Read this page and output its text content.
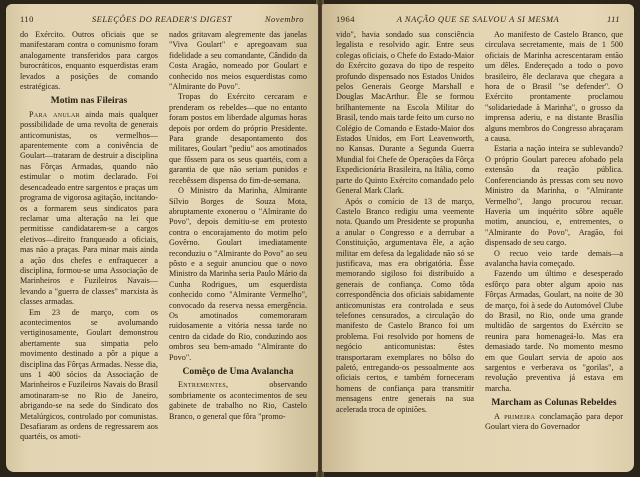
110	SELEÇÕES DO READER'S DIGEST	Novembro

do Exército. Outros oficiais que se manifestaram contra o comunismo foram analogamente transferidos para cargos burocráticos, enquanto esquerdistas eram levados a posições de comando estratégicas.

Motim nas Fileiras

Para anular ainda mais qualquer possibilidade de uma revolta de generais anticomunistas, os vermelhos—aparentemente com a conivência de Goulart—trataram de destruir a disciplina nas Fôrças Armadas, quando não estimular o motim declarado. Foi desencadeado entre sargentos e praças um programa de vigorosa agitação, incitando-os a formarem seus sindicatos para reclamar uma alteração na lei que permitisse candidatarem-se a cargos eletivos—direito franqueado a oficiais, mas não a praças. Para minar mais ainda a ação dos chefes e enfraquecer a disciplina, formou-se uma Associação de Marinheiros e Fuzileiros Navais—levando a "guerra de classes" marxista às classes armadas.

Em 23 de março, com os acontecimentos se avolumando vertiginosamente, Goulart demonstrou abertamente sua simpatia pelo movimento destinado a pôr a pique a disciplina das Fôrças Armadas. Nesse dia, uns 1 400 sócios da Associação de Marinheiros e Fuzileiros Navais do Brasil amotinaram-se no Rio de Janeiro, abrigando-se na sede do Sindicato dos Metalúrgicos, controlado por comunistas. Desafiaram as ordens de regressarem aos quartéis, os amoti-

nados gritavam alegremente das janelas "Viva Goulart" e apregoavam sua fidelidade a seu comandante, Cândido da Costa Aragão, nomeado por Goulart e conhecido nos meios esquerdistas como "Almirante do Povo".

Tropas do Exército cercaram e prenderam os rebeldes—que no entanto foram postos em liberdade algumas horas depois por ordem do próprio Presidente. Para grande desapontamento dos militares, Goulart "pediu" aos amotinados que fôssem para os seus quartéis, com a garantia de que não seriam punidos e recebêssem dispensa do fim-de-semana.

O Ministro da Marinha, Almirante Sílvio Borges de Souza Mota, abruptamente exonerou o "Almirante do Povo", depois demitiu-se em protesto contra o encorajamento do motim pelo Govêrno. Goulart imediatamente reconduziu o "Almirante do Povo" ao seu pôsto e a seguir anunciou que o novo Ministro da Marinha seria Paulo Mário da Cunha Rodrigues, um esquerdista conhecido como "Almirante Vermelho", convocado da reserva nessa emergência. Os amotinados comemoraram ruidosamente a vitória nessa tarde no centro da cidade do Rio, conduzindo aos ombros seu bem-amado "Almirante do Povo".

Comêço de Uma Avalancha

Entrementes,	observando sombriamente os acontecimentos de seu gabinete de trabalho no Rio, Castelo Branco, o general que fôra "promo-

1964	A NAÇÃO QUE SE SALVOU A SI MESMA	111

vido", havia sondado sua consciência legalista e resolvido agir. Entre seus colegas oficiais, o Chefe do Estado-Maior do Exército gozava do tipo de respeito profundo dispensado nos Estados Unidos pelos Generais George Marshall e Douglas MacArthur. Êle se formou brilhantemente na Escola Militar do Brasil, tendo mais tarde feito um curso no Colégio de Comando e Estado-Maior dos Estados Unidos, em Fort Leavenworth, no Kansas. Durante a Segunda Guerra Mundial foi Chefe de Operações da Fôrça Expedicionária Brasileira, na Itália, como parte do Quinto Exército comandado pelo General Mark Clark.

Após o comício de 13 de março, Castelo Branco redigiu uma veemente nota. Quando um Presidente se propunha a anular o Congresso e a derrubar a Constituição, argumentava êle, a ação militar em defesa da legalidade não só se justificava, mas era obrigatória. Êsse memorando sigiloso foi distribuído a generais de confiança. Como tôda correspondência dos oficiais sabidamente anticomunistas era controlada e seus telefones censurados, a circulação do manifesto de Castelo Branco foi um problema. Foi resolvido por homens de negócio anticomunistas: êstes transportaram exemplares no bôlso do paletó, entregando-os pessoalmente aos oficiais certos, e também forneceram homens de confiança para transmitir mensagens entre generais na sua acelerada troca de opiniões.

Ao manifesto de Castelo Branco, que circulava secretamente, mais de 1 500 oficiais de Marinha acrescentaram então um dêles. Endereçado a todo o povo brasileiro, êle declarava que chegara a hora de o Brasil "se defender". O Exército prontamente proclamou "solidariedade à Marinha", o grosso da imprensa aderiu, e na distante Brasília alguns membros do Congresso abraçaram a causa.

Estaria a nação inteira se sublevando? O próprio Goulart pareceu afobado pela extensão da reação pública. Conferenciando às pressas com seu novo Ministro da Marinha, o "Almirante Vermelho", Jango procurou recuar. Haveria um inquérito sôbre aquêle motim, anunciou, e, entrementes, o "Almirante do Povo", Aragão, foi dispensado de seu cargo.

O recuo veio tarde demais—a avalancha havia começado.

Fazendo um último e desesperado esfôrço para obter algum apoio nas Fôrças Armadas, Goulart, na noite de 30 de março, foi à sede do Automóvel Clube do Brasil, no Rio, onde uma grande multidão de sargentos do Exército se reunira para homenageá-lo. Mas era demasiado tarde. No momento mesmo em que Goulart servia de apoio aos sargentos e verberava os "gorilas", a revolução preventiva já estava em marcha.

Marcham as Colunas Rebeldes

A primeira conclamação para depor Goulart viera do Governador
